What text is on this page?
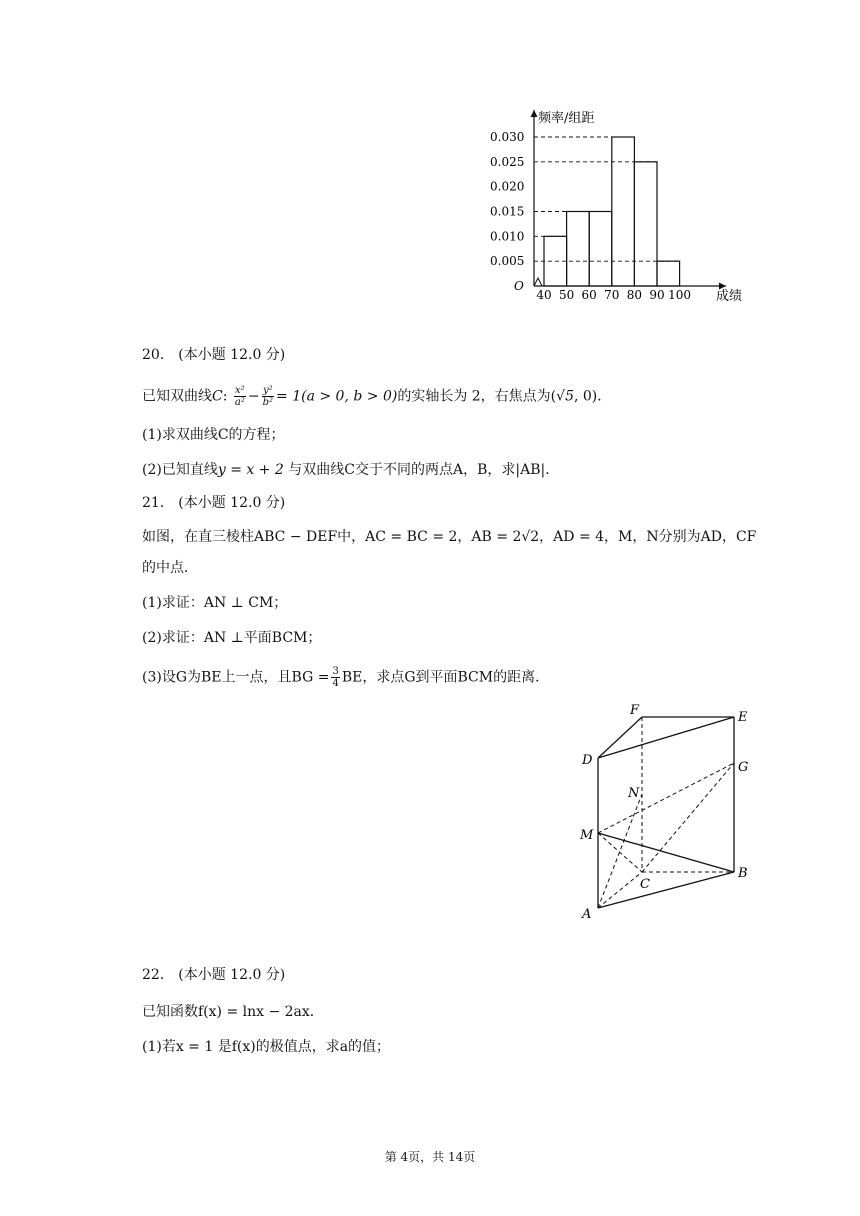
频率/组距
成绩
O
0.030
0.025
0.020
0.015
0.010
0.005
40 50 60 70 80 90 100
20.　(本小题 12.0 分)
已知双曲线C: $\frac{\text{x²}}{\text{a²}} - \frac{\text{y²}}{\text{b²}} = 1(a > 0$, b > 0)的实轴长为 2，右焦点为(√5, 0)．
(1)求双曲线C的方程；
(2)已知直线y = x + 2 与双曲线C交于不同的两点A，B，求|AB|．
21.　(本小题 12.0 分)
如图，在直三棱柱ABC − DEF中，AC = BC = 2，AB = 2√2，AD = 4，M，N分别为AD，CF
的中点．
(1)求证：AN ⊥ CM；
(2)求证：AN ⊥平面BCM；
(3)设G为BE上一点，且BG = $\frac{3}{4}$ BE，求点G到平面BCM的距离．
F	E
D	G
N
M
C
B
A
22.　(本小题 12.0 分)
已知函数f(x) = lnx − 2ax．
(1)若x = 1 是f(x)的极值点，求a的值；
第 4页，共 14页
